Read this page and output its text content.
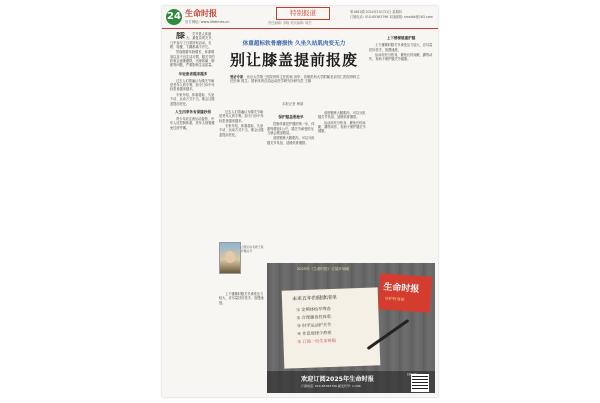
24 生命时报
官方网址: www.lifetimes.cn
特别报道
责任编辑: 李晓 美术编辑: 周杰
第1861期 2024年10月31日 星期四
订阅电话: 010-65363796 本版邮箱: smsbtk@163.com
体重超标软骨磨损快 久坐久站肌肉变无力
别让膝盖提前报废
受访专家：北京大学第三医院骨科主任医师 田华；首都医科大学附属北京同仁医院骨科主任医师 郭艾；国家体育总局运动医学研究所研究员 王雄
本报记者 梅婧

膝关节是人体最大、最复杂的关节，几乎参与了日常所有活动。走路、爬楼、下蹲都离不开它。

然而随着年龄增长、体重增加以及不良生活习惯，膝关节的软骨会逐渐磨损，出现疼痛、肿胀等问题，严重影响生活质量。

年轻患者越来越多

过去人们普遍认为膝关节病是老年人的专利，如今门诊中年轻患者越来越多。

专家介绍，体重超标、久坐不动、运动方式不当，都会让膝盖提前老化。

人生四季各有保膝妙招

青少年应注意运动姿势，中年人应控制体重，老年人则要避免过度劳累。

过去人们普遍认为膝关节病是老年人的专利，如今门诊中年轻患者越来越多。

专家介绍，体重超标、久坐不动、运动方式不当，都会让膝盖提前老化。

合理运动有助于保护膝关节

上下楼梯时膝关节承受压力较大，应尽量扶好扶手，放慢速度。

保护膝盖要趁早

控制体重是护膝的第一步，体重每增加1公斤，膝关节承受的压力就会增加数倍。

适度锻炼大腿肌肉，可以分担膝关节负担，延缓软骨磨损。

适度锻炼大腿肌肉，可以分担膝关节负担，延缓软骨磨损。

运动前充分热身，避免长时间跪、蹲等动作，有助于保护膝关节健康。

上下楼梯慎重护膝

上下楼梯时膝关节承受压力较大，应尽量扶好扶手，放慢速度。

运动前充分热身，避免长时间跪、蹲等动作，有助于保护膝关节健康。

2025年《生命时报》订阅开始啦
生命时报
守护好身体
未来五年的健康清单
① 定期体检早筛查
② 合理膳食控体重
③ 科学运动护关节
④ 作息规律少熬夜
⑤ 订阅一份生命时报
欢迎订阅2025年生命时报
订阅电话: 010-65363796 邮发代号: 1-206
扫码订阅
